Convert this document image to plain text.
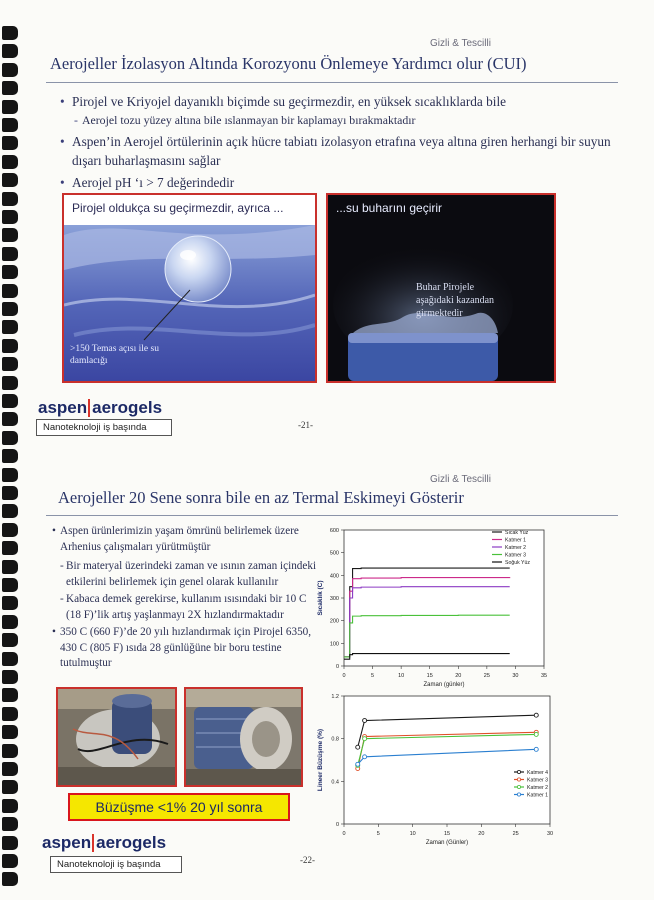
Gizli & Tescilli
Aerojeller İzolasyon Altında Korozyonu Önlemeye Yardımcı olur (CUI)
• Pirojel ve Kriyojel dayanıklı biçimde su geçirmezdir, en yüksek sıcaklıklarda bile
- Aerojel tozu yüzey altına bile ıslanmayan bir kaplamayı bırakmaktadır
• Aspen’in Aerojel örtülerinin açık hücre tabiatı izolasyon etrafına veya altına giren herhangi bir suyun dışarı buharlaşmasını sağlar
• Aerojel pH ‘ı > 7 değerindedir
Pirojel oldukça su geçirmezdir, ayrıca ...
>150 Temas açısı ile su
damlacığı
...su buharını geçirir
Buhar Pirojele
aşağıdaki kazandan
girmektedir
aspen aerogels
Nanoteknoloji iş başında	-21-
Gizli & Tescilli
Aerojeller 20 Sene sonra bile en az Termal Eskimeyi Gösterir
• Aspen ürünlerimizin yaşam ömrünü belirlemek üzere Arhenius çalışmaları yürütmüştür
- Bir materyal üzerindeki zaman ve ısının zaman içindeki etkilerini belirlemek için genel olarak kullanılır
- Kabaca demek gerekirse, kullanım ısısındaki bir 10 C (18 F)’lik artış yaşlanmayı 2X hızlandırmaktadır
• 350 C (660 F)’de 20 yılı hızlandırmak için Pirojel 6350, 430 C (805 F) ısıda 28 günlüğüne bir boru testine tutulmuştur
Büzüşme <1% 20 yıl sonra
0	5	10	15	20	25	30	35
0
100
200
300
400
500
600
Zaman (günler)
Sıcaklık (C)
Sıcak Yüz
Katmer 1
Katmer 2
Katmer 3
Soğuk Yüz
0	5	10	15	20	25	30
0
0.4
0.8
1.2
Zaman (Günler)
Lineer Büzüşme (%)	Katmer 4
Katmer 3
Katmer 2
Katmer 1
aspen aerogels
Nanoteknoloji iş başında	-22-
